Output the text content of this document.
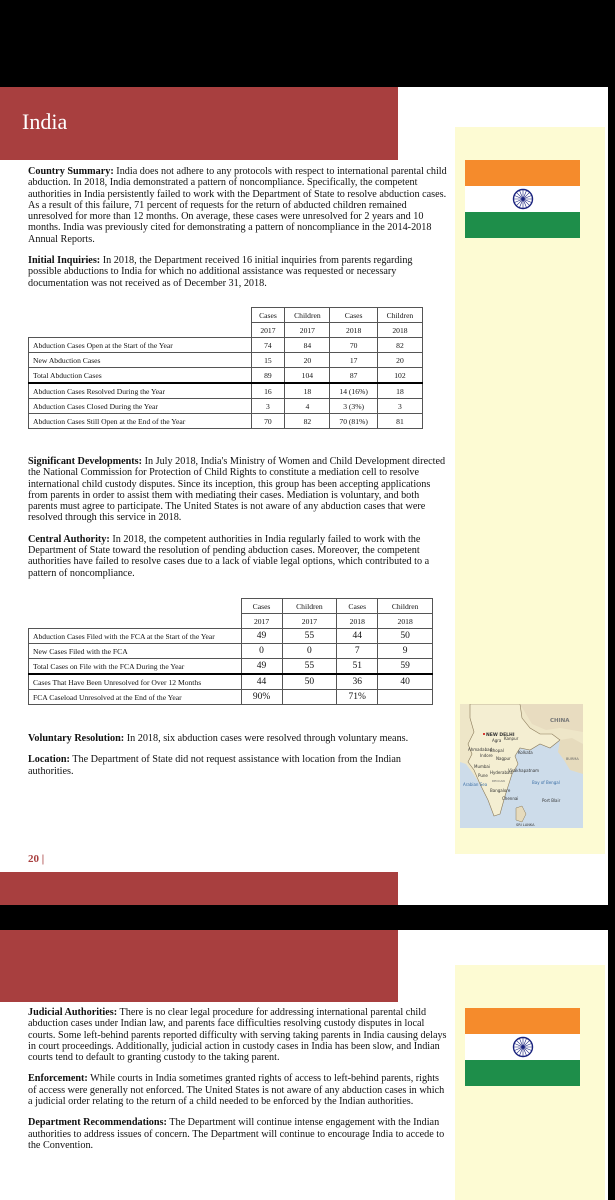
India
CHINA
NEW DELHI
Agra Kanpur
Bhopal	Kolkata
Indore
Ahmadabad
Nagpur
Mumbai
Hyderabad
Visakhapatnam
Pune
Arabian Sea	Bay of Bengal
Bangalore
Chennai	Port Blair
SRI LANKA
DECCAN
BURMA

Country Summary: India does not adhere to any protocols with respect to international parental child abduction. In 2018, India demonstrated a pattern of noncompliance. Specifically, the competent authorities in India persistently failed to work with the Department of State to resolve abduction cases. As a result of this failure, 71 percent of requests for the return of abducted children remained unresolved for more than 12 months. On average, these cases were unresolved for 2 years and 10 months. India was previously cited for demonstrating a pattern of noncompliance in the 2014-2018 Annual Reports.

Initial Inquiries: In 2018, the Department received 16 initial inquiries from parents regarding possible abductions to India for which no additional assistance was requested or necessary documentation was not received as of December 31, 2018.

	Cases	Children	Cases	Children
	2017	2017	2018	2018
Abduction Cases Open at the Start of the Year	74	84	70	82
New Abduction Cases	15	20	17	20
Total Abduction Cases	89	104	87	102
Abduction Cases Resolved During the Year	16	18	14 (16%)	18
Abduction Cases Closed During the Year	3	4	3 (3%)	3
Abduction Cases Still Open at the End of the Year	70	82	70 (81%)	81

Significant Developments: In July 2018, India's Ministry of Women and Child Development directed the National Commission for Protection of Child Rights to constitute a mediation cell to resolve international child custody disputes. Since its inception, this group has been accepting applications from parents in order to assist them with mediating their cases. Mediation is voluntary, and both parents must agree to participate. The United States is not aware of any abduction cases that were resolved through this service in 2018.

Central Authority: In 2018, the competent authorities in India regularly failed to work with the Department of State toward the resolution of pending abduction cases. Moreover, the competent authorities have failed to resolve cases due to a lack of viable legal options, which contributed to a pattern of noncompliance.

	Cases	Children	Cases	Children
	2017	2017	2018	2018
Abduction Cases Filed with the FCA at the Start of the Year	49	55	44	50
New Cases Filed with the FCA	0	0	7	9
Total Cases on File with the FCA During the Year	49	55	51	59
Cases That Have Been Unresolved for Over 12 Months	44	50	36	40
FCA Caseload Unresolved at the End of the Year	90%		71%	

Voluntary Resolution: In 2018, six abduction cases were resolved through voluntary means.

Location: The Department of State did not request assistance with location from the Indian authorities.

20 |

Judicial Authorities: There is no clear legal procedure for addressing international parental child abduction cases under Indian law, and parents face difficulties resolving custody disputes in local courts. Some left-behind parents reported difficulty with serving taking parents in India causing delays in court proceedings. Additionally, judicial action in custody cases in India has been slow, and Indian courts tend to default to granting custody to the taking parent.

Enforcement: While courts in India sometimes granted rights of access to left-behind parents, rights of access were generally not enforced. The United States is not aware of any abduction cases in which a judicial order relating to the return of a child needed to be enforced by the Indian authorities.

Department Recommendations: The Department will continue intense engagement with the Indian authorities to address issues of concern. The Department will continue to encourage India to accede to the Convention.
